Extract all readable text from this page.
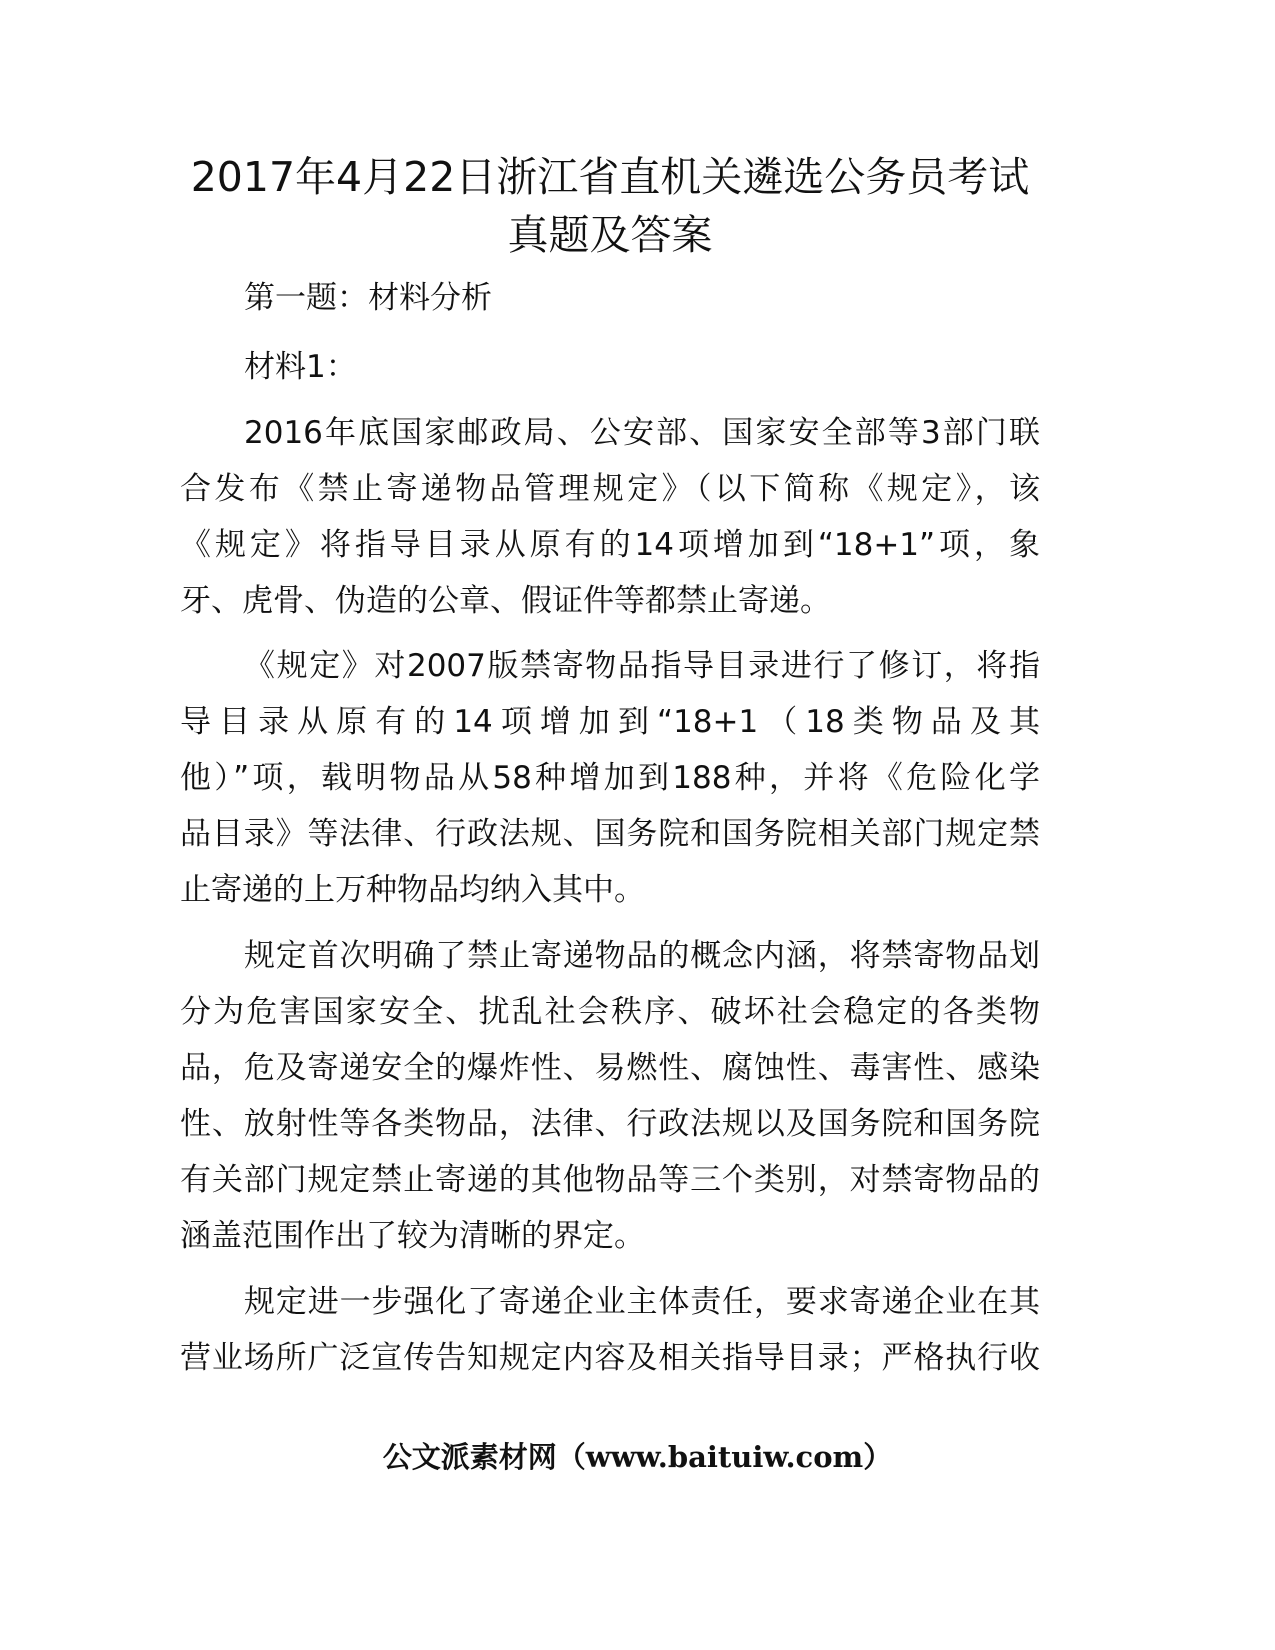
2017年4月22日浙江省直机关遴选公务员考试
真题及答案

第一题：材料分析

材料1：

2016年底国家邮政局、公安部、国家安全部等3部门联
合发布《禁止寄递物品管理规定》（以下简称《规定》，该
《规定》将指导目录从原有的14项增加到“18+1”项，象
牙、虎骨、伪造的公章、假证件等都禁止寄递。
《规定》对2007版禁寄物品指导目录进行了修订，将指
导目录从原有的14项增加到“18+1（18类物品及其
他）”项，载明物品从58种增加到188种，并将《危险化学
品目录》等法律、行政法规、国务院和国务院相关部门规定禁
止寄递的上万种物品均纳入其中。
规定首次明确了禁止寄递物品的概念内涵，将禁寄物品划
分为危害国家安全、扰乱社会秩序、破坏社会稳定的各类物
品，危及寄递安全的爆炸性、易燃性、腐蚀性、毒害性、感染
性、放射性等各类物品，法律、行政法规以及国务院和国务院
有关部门规定禁止寄递的其他物品等三个类别，对禁寄物品的
涵盖范围作出了较为清晰的界定。
规定进一步强化了寄递企业主体责任，要求寄递企业在其
营业场所广泛宣传告知规定内容及相关指导目录；严格执行收
公文派素材网（www.baituiw.com）
